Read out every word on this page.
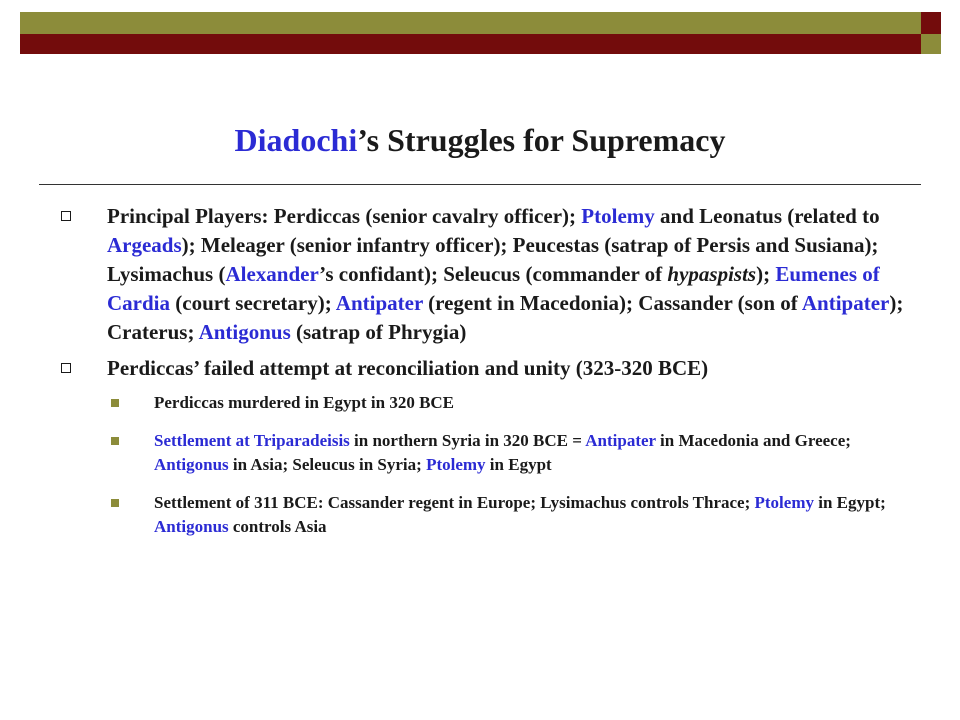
Diadochi’s Struggles for Supremacy
Principal Players: Perdiccas (senior cavalry officer); Ptolemy and Leonatus (related to Argeads); Meleager (senior infantry officer); Peucestas (satrap of Persis and Susiana); Lysimachus (Alexander’s confidant); Seleucus (commander of hypaspists); Eumenes of Cardia (court secretary); Antipater (regent in Macedonia); Cassander (son of Antipater); Craterus; Antigonus (satrap of Phrygia)
Perdiccas’ failed attempt at reconciliation and unity (323-320 BCE)
Perdiccas murdered in Egypt in 320 BCE
Settlement at Triparadeisis in northern Syria in 320 BCE = Antipater in Macedonia and Greece; Antigonus in Asia; Seleucus in Syria; Ptolemy in Egypt
Settlement of 311 BCE: Cassander regent in Europe; Lysimachus controls Thrace; Ptolemy in Egypt; Antigonus controls Asia
